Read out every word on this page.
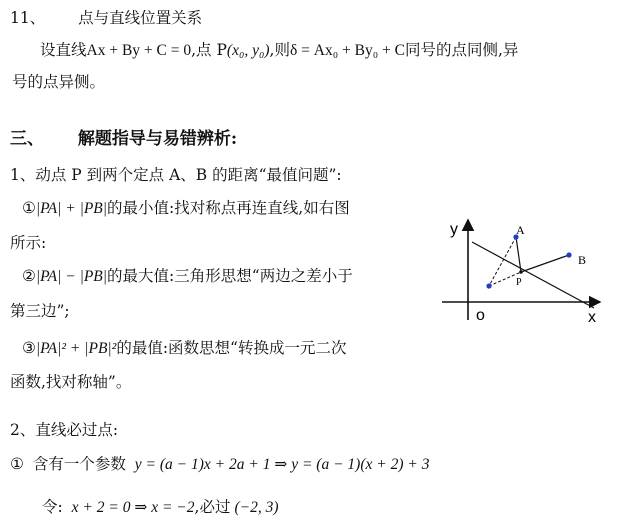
11、 点与直线位置关系
设直线Ax + By + C = 0,点 P(x₀, y₀),则δ = Ax₀ + By₀ + C同号的点同侧,异
号的点异侧。
三、 解题指导与易错辨析:
1、动点 P 到两个定点 A、B 的距离“最值问题”:
①|PA| + |PB|的最小值:找对称点再连直线,如右图
所示:
②|PA| − |PB|的最大值:三角形思想“两边之差小于
第三边”;
③|PA|² + |PB|²的最值:函数思想“转换成一元二次
函数,找对称轴”。
2、直线必过点:
① 含有一个参数 y = (a − 1)x + 2a + 1 ⇒ y = (a − 1)(x + 2) + 3
令: x + 2 = 0 ⇒ x = −2,必过 (−2, 3)
y
x
o
A
B
P
